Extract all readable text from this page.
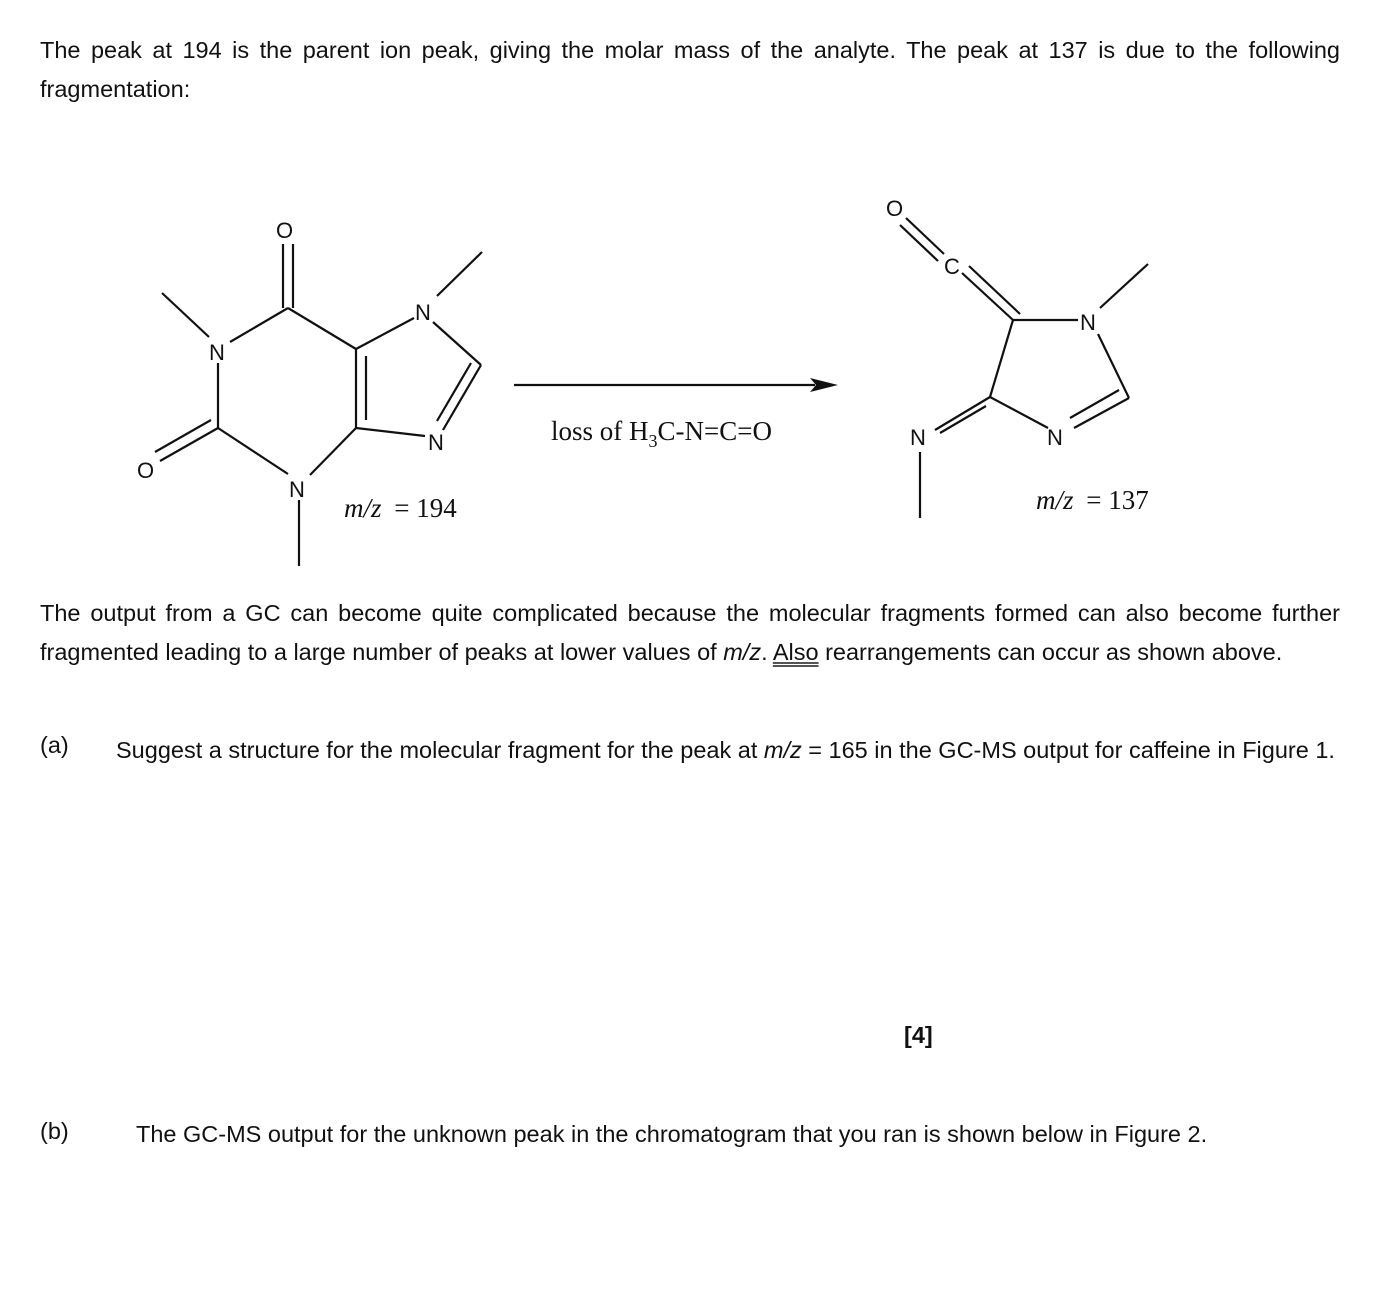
The peak at 194 is the parent ion peak, giving the molar mass of the analyte. The peak at 137 is due to the following fragmentation:

N
N
N
N
O
O
m/z = 194
loss of $H_3C-N=C=O$
O
C
N
N
N
m/z = 137

The output from a GC can become quite complicated because the molecular fragments formed can also become further fragmented leading to a large number of peaks at lower values of m/z. Also rearrangements can occur as shown above.

(a) Suggest a structure for the molecular fragment for the peak at m/z = 165 in the GC-MS output for caffeine in Figure 1.

[4]
(b)	The GC-MS output for the unknown peak in the chromatogram that you ran is shown below in Figure 2.
